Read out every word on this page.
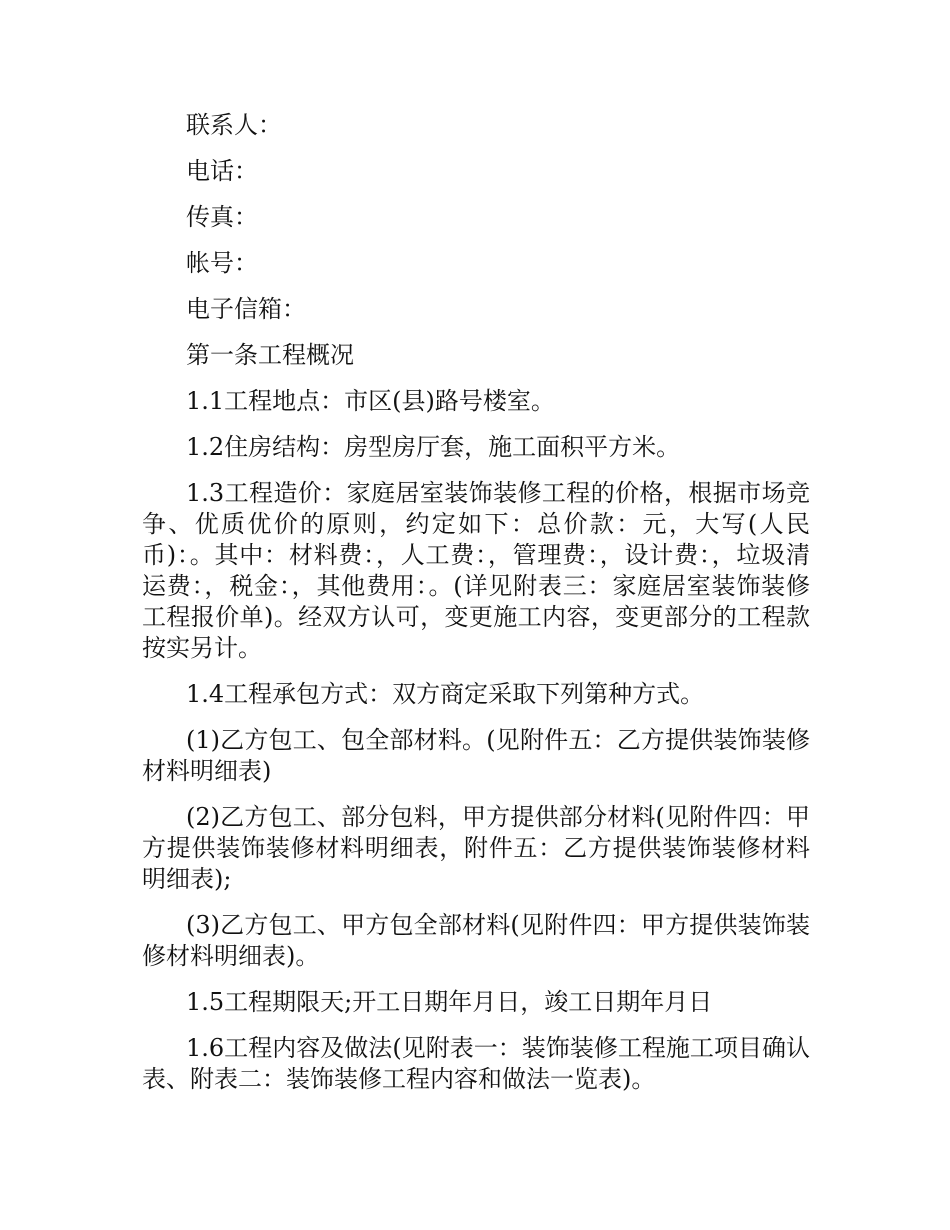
联系人：

电话：

传真：

帐号：

电子信箱：

第一条工程概况

1.1工程地点：市区(县)路号楼室。

1.2住房结构：房型房厅套，施工面积平方米。

1.3工程造价：家庭居室装饰装修工程的价格，根据市场竞争、优质优价的原则，约定如下：总价款：元，大写(人民币)：。其中：材料费：，人工费：，管理费：，设计费：，垃圾清运费：，税金：，其他费用：。(详见附表三：家庭居室装饰装修工程报价单)。经双方认可，变更施工内容，变更部分的工程款按实另计。

1.4工程承包方式：双方商定采取下列第种方式。

(1)乙方包工、包全部材料。(见附件五：乙方提供装饰装修材料明细表)

(2)乙方包工、部分包料，甲方提供部分材料(见附件四：甲方提供装饰装修材料明细表，附件五：乙方提供装饰装修材料明细表);

(3)乙方包工、甲方包全部材料(见附件四：甲方提供装饰装修材料明细表)。

1.5工程期限天;开工日期年月日，竣工日期年月日

1.6工程内容及做法(见附表一：装饰装修工程施工项目确认表、附表二：装饰装修工程内容和做法一览表)。
